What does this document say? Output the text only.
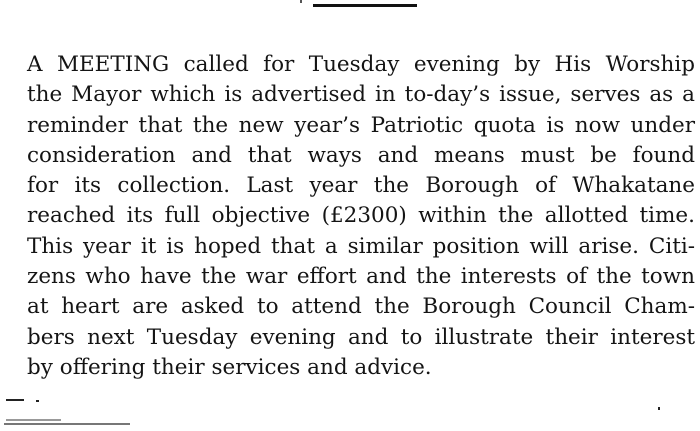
A MEETING called for Tuesday evening by His Worship
the Mayor which is advertised in to-day’s issue, serves as a
reminder that the new year’s Patriotic quota is now under
consideration and that ways and means must be found
for its collection. Last year the Borough of Whakatane
reached its full objective (£2300) within the allotted time.
This year it is hoped that a similar position will arise. Citi-
zens who have the war effort and the interests of the town
at heart are asked to attend the Borough Council Cham-
bers next Tuesday evening and to illustrate their interest
by offering their services and advice.
